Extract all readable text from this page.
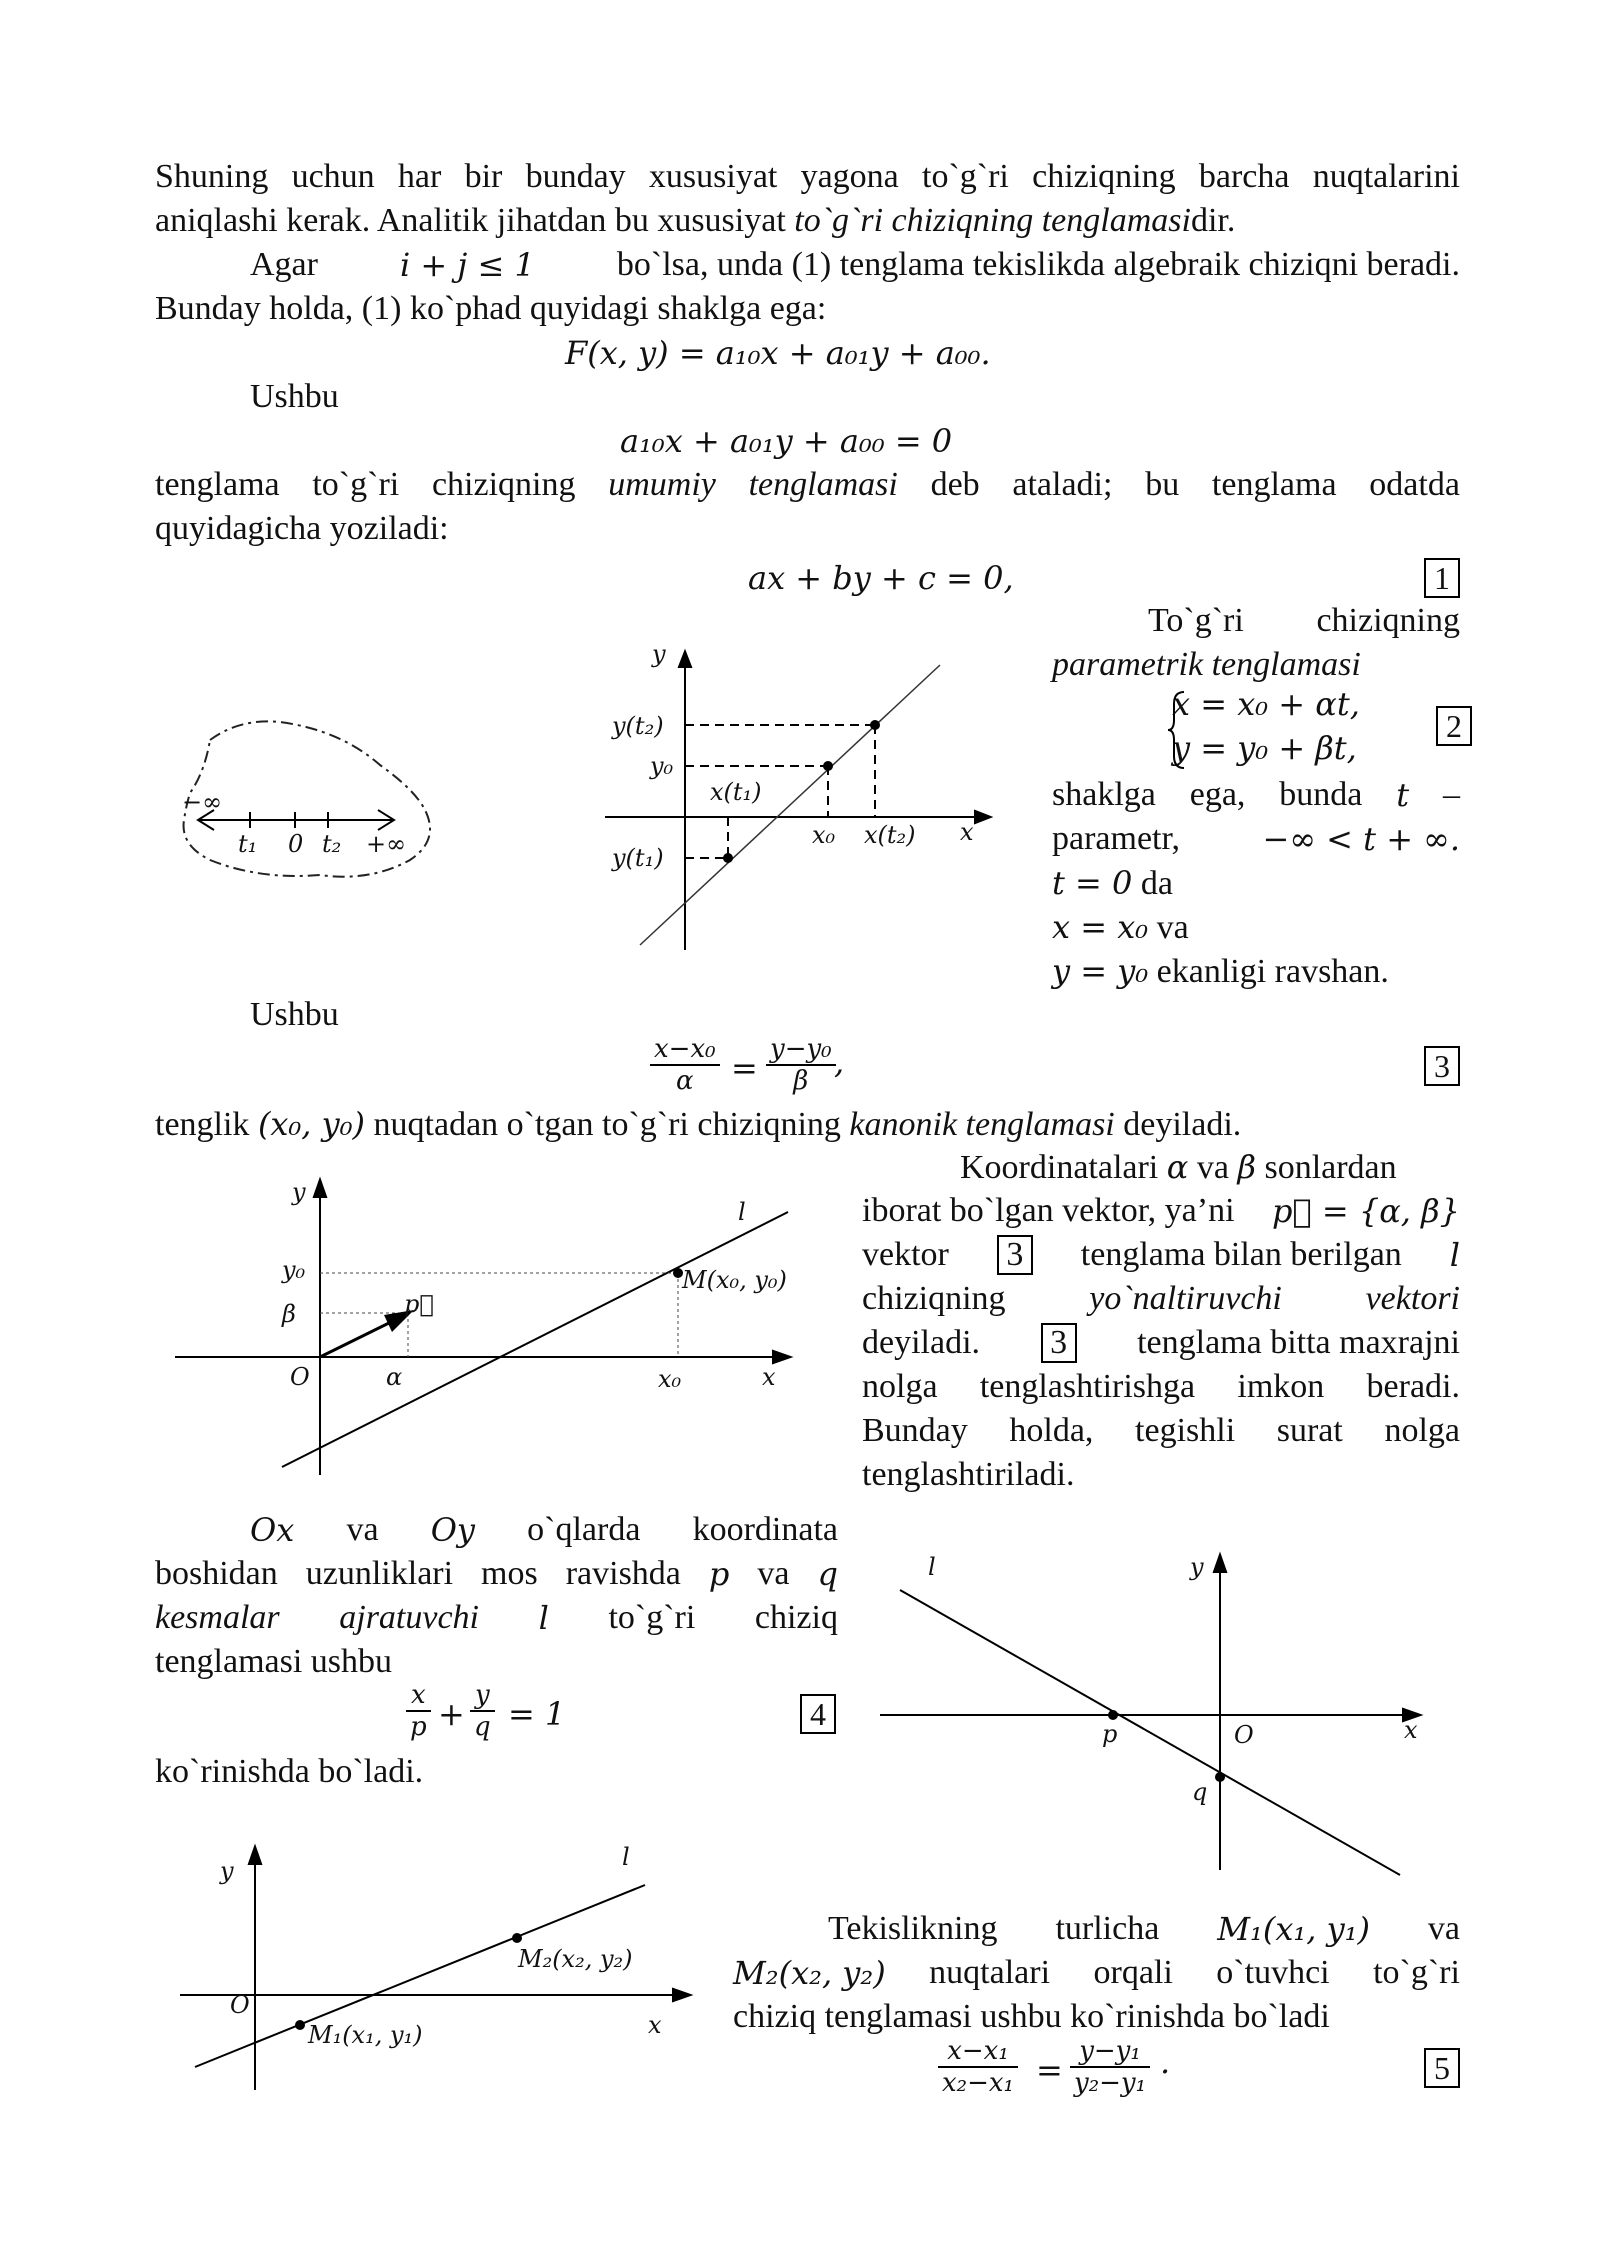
Shuning uchun har bir bunday xususiyat yagona to`g`ri chiziqning barcha nuqtalarini
aniqlashi kerak. Analitik jihatdan bu xususiyat to`g`ri chiziqning tenglamasidir.
Agar	i + j ≤ 1 bo`lsa, unda (1) tenglama tekislikda algebraik chiziqni beradi.
Bunday holda, (1) ko`phad quyidagi shaklga ega:
F(x, y) = a₁₀x + a₀₁y + a₀₀.
Ushbu
a₁₀x + a₀₁y + a₀₀ = 0
tenglama to`g`ri chiziqning umumiy tenglamasi deb ataladi; bu tenglama odatda
quyidagicha yoziladi:
ax + by + c = 0,	1
To`g`ri chiziqning
parametrik tenglamasi
x = x₀ + αt,
y = y₀ + βt,
2
shaklga ega, bunda t –
parametr,	−∞ < t + ∞.
t = 0 da
x = x₀ va
y = y₀ ekanligi ravshan.
−∞
t₁ 0 t₂ +∞
y
x
y(t₂)
y₀
x(t₁)
x₀ x(t₂)
y(t₁)
Ushbu
$\frac{\text{x−x₀}}{\alpha} = \frac{\text{y−y₀}}{\beta}$
,	3
tenglik (x₀, y₀) nuqtadan o`tgan to`g`ri chiziqning kanonik tenglamasi deyiladi.
y
l
y₀	M(x₀, y₀)
β	p⃗
O	α	x₀	x
Koordinatalari α va β sonlardan
iborat bo`lgan vektor, ya’ni p⃗ = {α, β}
vektor 3 tenglama bilan berilgan l
chiziqning yo`naltiruvchi vektori
deyiladi. 3 tenglama bitta maxrajni
nolga tenglashtirishga imkon beradi.
Bunday holda, tegishli surat nolga
tenglashtiriladi.
Ox va Oy o`qlarda koordinata
boshidan uzunliklari mos ravishda p va q
kesmalar ajratuvchi l to`g`ri chiziq
tenglamasi ushbu
$\frac{x}{p} + \frac{y}{q} = 1$	4
ko`rinishda bo`ladi.
l	y
p	O	x
q
y	l
M₂(x₂, y₂)
O
M₁(x₁, y₁)	x
Tekislikning turlicha M₁(x₁, y₁) va
M₂(x₂, y₂) nuqtalari orqali o`tuvhci to`g`ri
chiziq tenglamasi ushbu ko`rinishda bo`ladi
$\frac{\text{x−x₁}}{\text{x₂−x₁}} = \frac{\text{y−y₁}}{\text{y₂−y₁}}$ .	5
